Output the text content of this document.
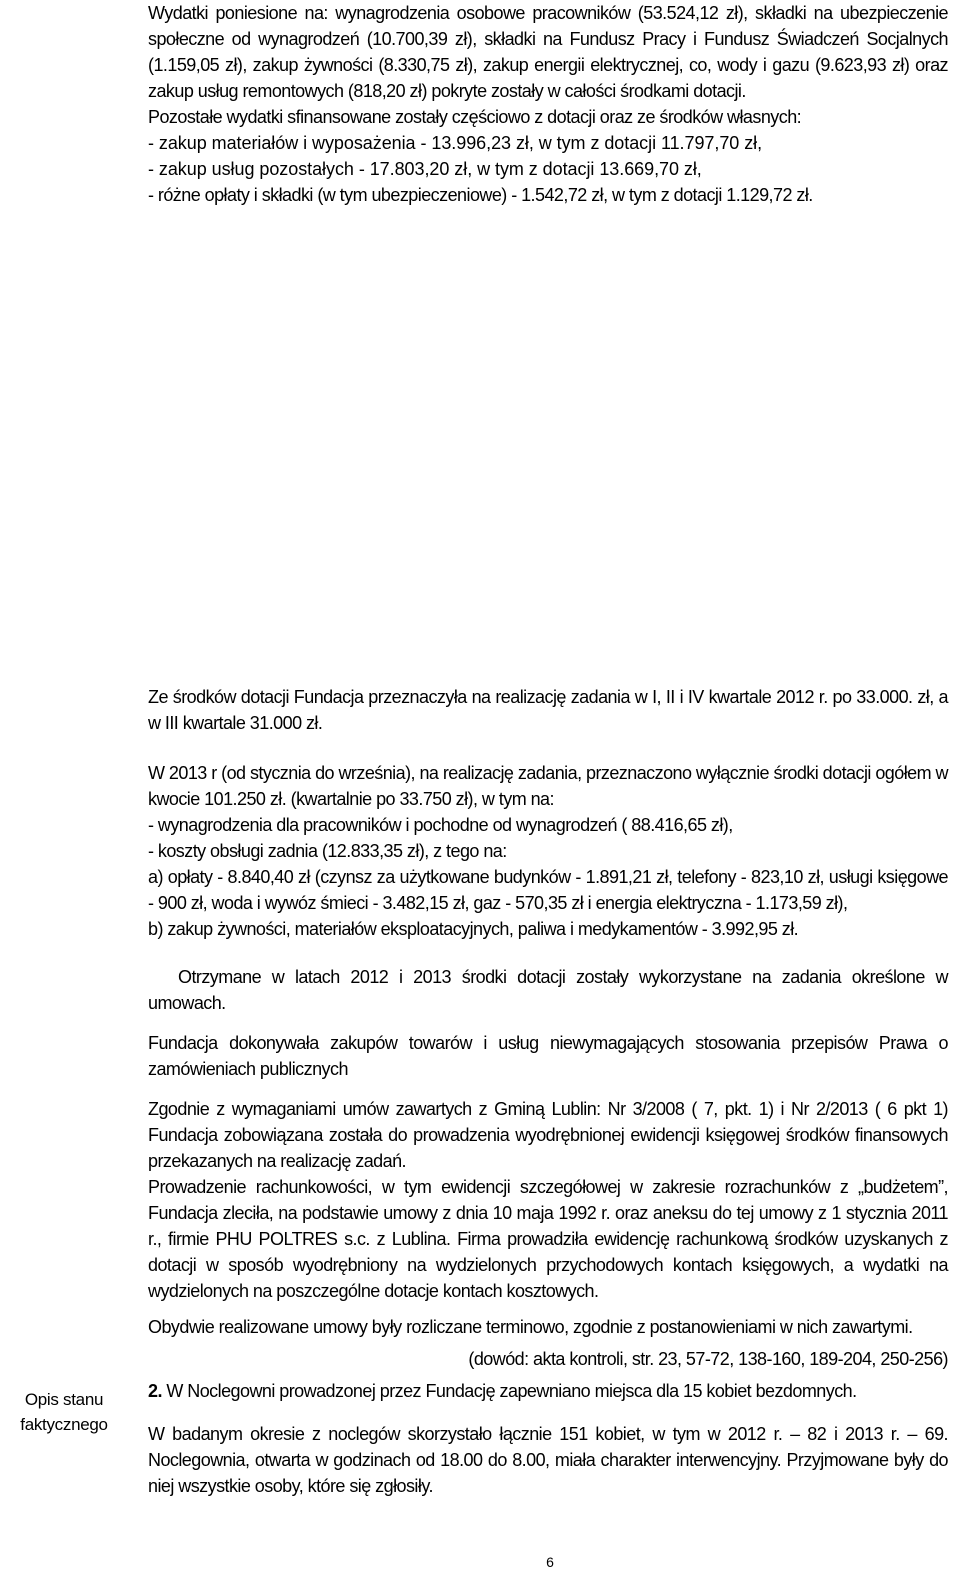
Wydatki poniesione na: wynagrodzenia osobowe pracowników (53.524,12 zł), składki na ubezpieczenie społeczne od wynagrodzeń (10.700,39 zł), składki na Fundusz Pracy i Fundusz Świadczeń Socjalnych (1.159,05 zł), zakup żywności (8.330,75 zł), zakup energii elektrycznej, co, wody i gazu (9.623,93 zł) oraz zakup usług remontowych (818,20 zł) pokryte zostały w całości środkami dotacji.

Pozostałe wydatki sfinansowane zostały częściowo z dotacji oraz ze środków własnych:

- zakup materiałów i wyposażenia - 13.996,23 zł, w tym z dotacji 11.797,70 zł,

- zakup usług pozostałych - 17.803,20 zł, w tym z dotacji 13.669,70 zł,

- różne opłaty i składki (w tym ubezpieczeniowe) - 1.542,72 zł, w tym z dotacji 1.129,72 zł.

Ze środków dotacji Fundacja przeznaczyła na realizację zadania w I, II i IV kwartale 2012 r. po 33.000. zł, a w III kwartale 31.000 zł.

W 2013 r (od stycznia do września), na realizację zadania, przeznaczono wyłącznie środki dotacji ogółem w kwocie 101.250 zł. (kwartalnie po 33.750 zł), w tym na:

- wynagrodzenia dla pracowników i pochodne od wynagrodzeń ( 88.416,65 zł),

- koszty obsługi zadnia (12.833,35 zł), z tego na:

a) opłaty - 8.840,40 zł (czynsz za użytkowane budynków - 1.891,21 zł, telefony - 823,10 zł, usługi księgowe - 900 zł, woda i wywóz śmieci - 3.482,15 zł, gaz - 570,35 zł i energia elektryczna - 1.173,59 zł),

b) zakup żywności, materiałów eksploatacyjnych, paliwa i medykamentów - 3.992,95 zł.

Otrzymane w latach 2012 i 2013 środki dotacji zostały wykorzystane na zadania określone w umowach.

Fundacja dokonywała zakupów towarów i usług niewymagających stosowania przepisów Prawa o zamówieniach publicznych

Zgodnie z wymaganiami umów zawartych z Gminą Lublin: Nr 3/2008 ( 7, pkt. 1) i Nr 2/2013 ( 6 pkt 1) Fundacja zobowiązana została do prowadzenia wyodrębnionej ewidencji księgowej środków finansowych przekazanych na realizację zadań.

Prowadzenie rachunkowości, w tym ewidencji szczegółowej w zakresie rozrachunków z „budżetem”, Fundacja zleciła, na podstawie umowy z dnia 10 maja 1992 r. oraz aneksu do tej umowy z 1 stycznia 2011 r., firmie PHU POLTRES s.c. z Lublina. Firma prowadziła ewidencję rachunkową środków uzyskanych z dotacji w sposób wyodrębniony na wydzielonych przychodowych kontach księgowych, a wydatki na wydzielonych na poszczególne dotacje kontach kosztowych.

Obydwie realizowane umowy były rozliczane terminowo, zgodnie z postanowieniami w nich zawartymi.

(dowód: akta kontroli, str. 23, 57-72, 138-160, 189-204, 250-256)

2. W Noclegowni prowadzonej przez Fundację zapewniano miejsca dla 15 kobiet bezdomnych.

W badanym okresie z noclegów skorzystało łącznie 151 kobiet, w tym w 2012 r. – 82 i 2013 r. – 69. Noclegownia, otwarta w godzinach od 18.00 do 8.00, miała charakter interwencyjny. Przyjmowane były do niej wszystkie osoby, które się zgłosiły.

Opis stanu faktycznego
6
